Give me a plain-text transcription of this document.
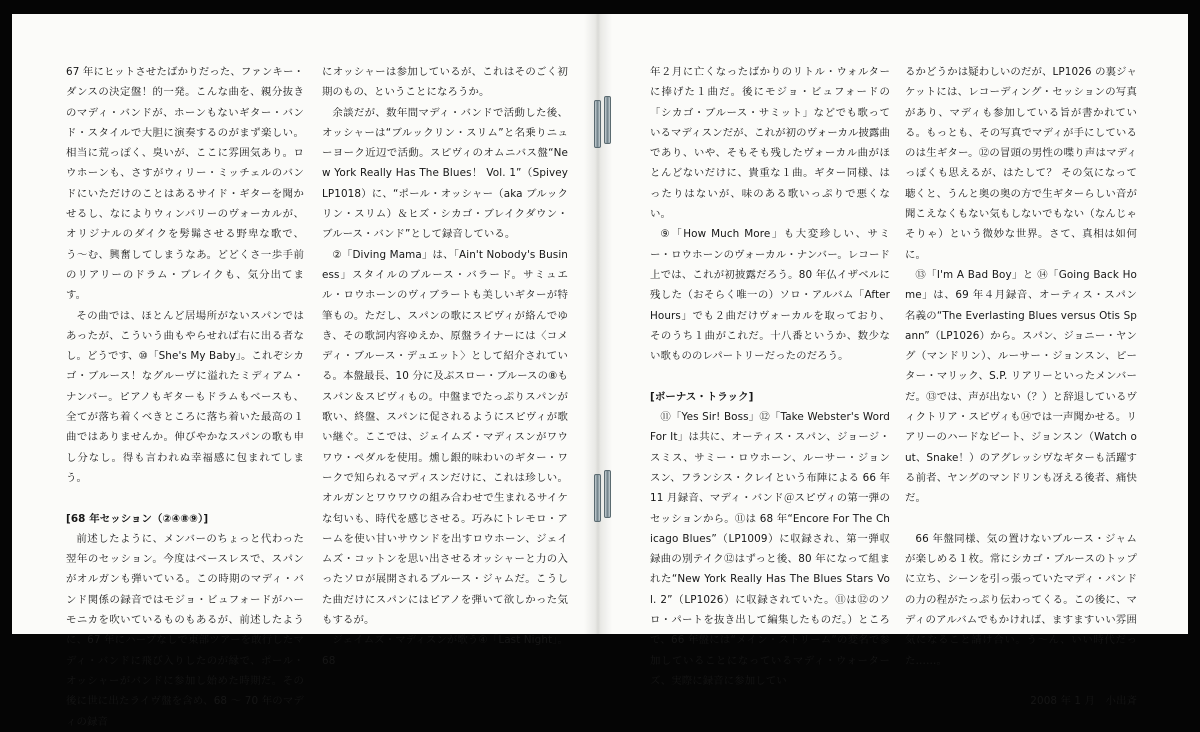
67 年にヒットさせたばかりだった、ファンキー・ダンスの決定盤！的一発。こんな曲を、親分抜きのマディ・バンドが、ホーンもないギター・バンド・スタイルで大胆に演奏するのがまず楽しい。相当に荒っぽく、臭いが、ここに雰囲気あり。ロウホーンも、さすがウィリー・ミッチェルのバンドにいただけのことはあるサイド・ギターを聞かせるし、なによりウィンバリーのヴォーカルが、オリジナルのダイクを髣髴させる野卑な歌で、う〜む、興奮してしまうなあ。どどくさ一歩手前のリアリーのドラム・ブレイクも、気分出てます。

その曲では、ほとんど居場所がないスパンではあったが、こういう曲もやらせれば右に出る者なし。どうです、⑩「She's My Baby」。これぞシカゴ・ブルース！なグルーヴに溢れたミディアム・ナンバー。ピアノもギターもドラムもベースも、全てが落ち着くべきところに落ち着いた最高の１曲ではありませんか。伸びやかなスパンの歌も申し分なし。得も言われぬ幸福感に包まれてしまう。

[68 年セッション（②④⑧⑨）]

前述したように、メンバーのちょっと代わった翌年のセッション。今度はベースレスで、スパンがオルガンも弾いている。この時期のマディ・バンド関係の録音ではモジョ・ビュフォードがハーモニカを吹いているものもあるが、前述したように、67 年にハープなしで東部ツアーを敢行したマディ・バンドに飛び入りしたのが縁で、ポール・オッシャーがバンドに参加し始めた時期だ。その後に世に出たライヴ盤を含め、68 〜 70 年のマディの録音

にオッシャーは参加しているが、これはそのごく初期のもの、ということになろうか。

余談だが、数年間マディ・バンドで活動した後、オッシャーは“ブルックリン・スリム”と名乗りニューヨーク近辺で活動。スピヴィのオムニバス盤“New York Really Has The Blues！ Vol. 1”（Spivey LP1018）に、“ポール・オッシャー（aka ブルックリン・スリム）＆ヒズ・シカゴ・ブレイクダウン・ブルース・バンド”として録音している。

②「Diving Mama」は、「Ain't Nobody's Business」スタイルのブルース・バラード。サミュエル・ロウホーンのヴィブラートも美しいギターが特筆もの。ただし、スパンの歌にスピヴィが絡んでゆき、その歌詞内容ゆえか、原盤ライナーには〈コメディ・ブルース・デュエット〉として紹介されている。本盤最長、10 分に及ぶスロー・ブルースの⑧もスパン＆スピヴィもの。中盤までたっぷりスパンが歌い、終盤、スパンに促されるようにスピヴィが歌い継ぐ。ここでは、ジェイムズ・マディスンがワウワウ・ペダルを使用。燻し銀的味わいのギター・ワークで知られるマディスンだけに、これは珍しい。オルガンとワウワウの組み合わせで生まれるサイケな匂いも、時代を感じさせる。巧みにトレモロ・アームを使い甘いサウンドを出すロウホーン、ジェイムズ・コットンを思い出させるオッシャーと力の入ったソロが展開されるブルース・ジャムだ。こうした曲だけにスパンにはピアノを弾いて欲しかった気もするが。

ジェイムズ・マディスンが歌う④「Last Night」。68

年２月に亡くなったばかりのリトル・ウォルターに捧げた１曲だ。後にモジョ・ビュフォードの「シカゴ・ブルース・サミット」などでも歌っているマディスンだが、これが初のヴォーカル披露曲であり、いや、そもそも残したヴォーカル曲がほとんどないだけに、貴重な１曲。ギター同様、はったりはないが、味のある歌いっぷりで悪くない。

⑨「How Much More」も大変珍しい、サミー・ロウホーンのヴォーカル・ナンバー。レコード上では、これが初披露だろう。80 年仏イザベルに残した（おそらく唯一の）ソロ・アルバム「After Hours」でも２曲だけヴォーカルを取っており、そのうち１曲がこれだ。十八番というか、数少ない歌もののレパートリーだったのだろう。

[ボーナス・トラック]

⑪「Yes Sir! Boss」⑫「Take Webster's Word For It」は共に、オーティス・スパン、ジョージ・スミス、サミー・ロウホーン、ルーサー・ジョンスン、フランシス・クレイという布陣による 66 年 11 月録音、マディ・バンド＠スピヴィの第一弾のセッションから。⑪は 68 年“Encore For The Chicago Blues”（LP1009）に収録され、第一弾収録曲の別テイク⑫はずっと後、80 年になって組まれた“New York Really Has The Blues Stars Vol. 2”（LP1026）に収録されていた。⑪は⑫のソロ・パートを抜き出して編集したものだ。）ところで、66 年盤には“メイン・ストリーム”の変名で参加していることになっているマディ・ウォーターズ、実際に録音に参加してい

るかどうかは疑わしいのだが、LP1026 の裏ジャケットには、レコーディング・セッションの写真があり、マディも参加している旨が書かれている。もっとも、その写真でマディが手にしているのは生ギター。⑫の冒頭の男性の喋り声はマディっぽくも思えるが、はたして？ その気になって聴くと、うんと奥の奥の方で生ギターらしい音が聞こえなくもない気もしないでもない（なんじゃそりゃ）という微妙な世界。さて、真相は如何に。

⑬「I'm A Bad Boy」と ⑭「Going Back Home」は、69 年４月録音、オーティス・スパン名義の“The Everlasting Blues versus Otis Spann”（LP1026）から。スパン、ジョニー・ヤング（マンドリン）、ルーサー・ジョンスン、ピーター・マリック、S.P. リアリーといったメンバーだ。⑬では、声が出ない（？）と辞退しているヴィクトリア・スピヴィも⑭では一声聞かせる。リアリーのハードなビート、ジョンスン（Watch out、Snake！）のアグレッシヴなギターも活躍する前者、ヤングのマンドリンも冴える後者、痛快だ。

66 年盤同様、気の置けないブルース・ジャムが楽しめる１枚。常にシカゴ・ブルースのトップに立ち、シーンを引っ張っていたマディ・バンドの力の程がたっぷり伝わってくる。この後に、マディのアルバムでもかければ、ますますいい雰囲気になること請け合い。う〜ん、いい時代だった……。

2008 年 1 月　小出斉
